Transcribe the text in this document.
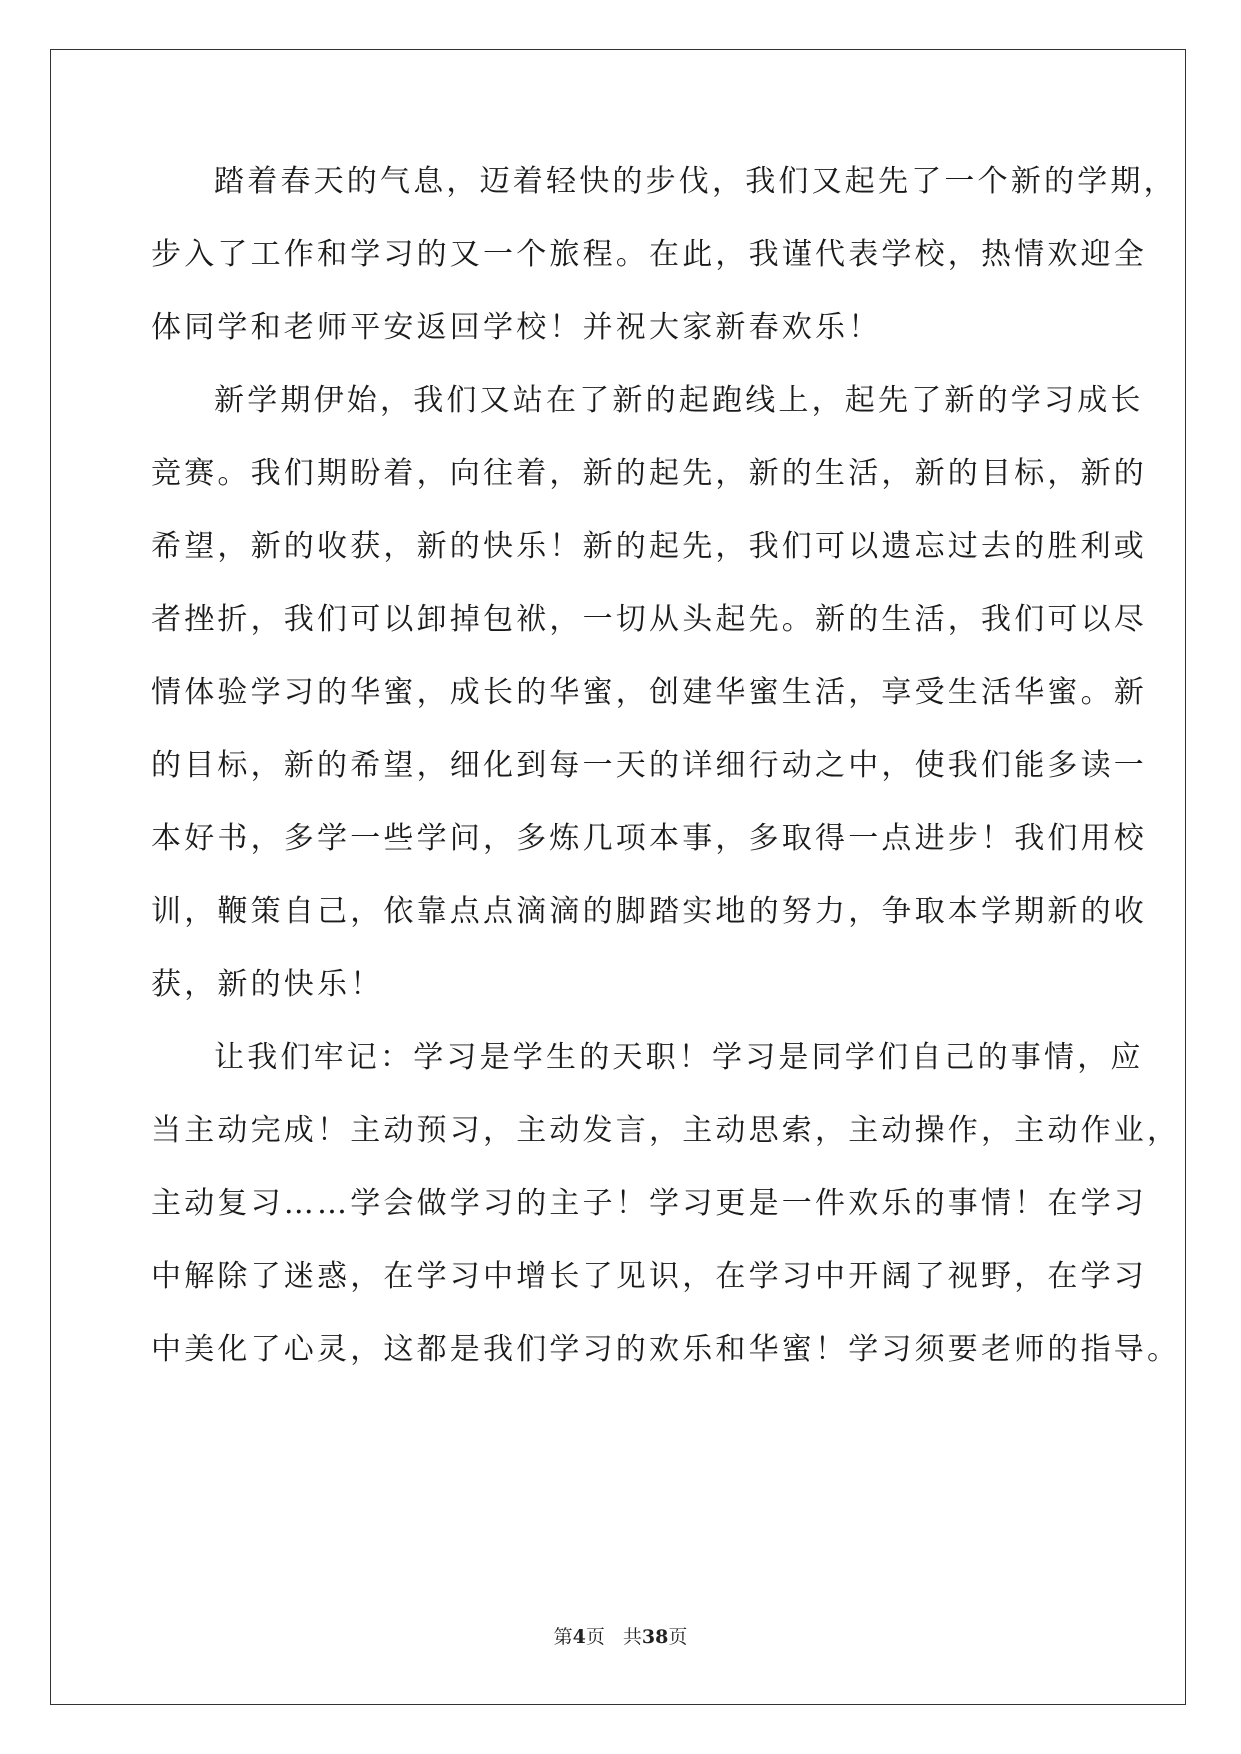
踏着春天的气息，迈着轻快的步伐，我们又起先了一个新的学期，
步入了工作和学习的又一个旅程。在此，我谨代表学校，热情欢迎全
体同学和老师平安返回学校！并祝大家新春欢乐！
新学期伊始，我们又站在了新的起跑线上，起先了新的学习成长
竞赛。我们期盼着，向往着，新的起先，新的生活，新的目标，新的
希望，新的收获，新的快乐！新的起先，我们可以遗忘过去的胜利或
者挫折，我们可以卸掉包袱，一切从头起先。新的生活，我们可以尽
情体验学习的华蜜，成长的华蜜，创建华蜜生活，享受生活华蜜。新
的目标，新的希望，细化到每一天的详细行动之中，使我们能多读一
本好书，多学一些学问，多炼几项本事，多取得一点进步！我们用校
训，鞭策自己，依靠点点滴滴的脚踏实地的努力，争取本学期新的收
获，新的快乐！
让我们牢记：学习是学生的天职！学习是同学们自己的事情，应
当主动完成！主动预习，主动发言，主动思索，主动操作，主动作业，
主动复习……学会做学习的主子！学习更是一件欢乐的事情！在学习
中解除了迷惑，在学习中增长了见识，在学习中开阔了视野，在学习
中美化了心灵，这都是我们学习的欢乐和华蜜！学习须要老师的指导。
第4页 共38页
